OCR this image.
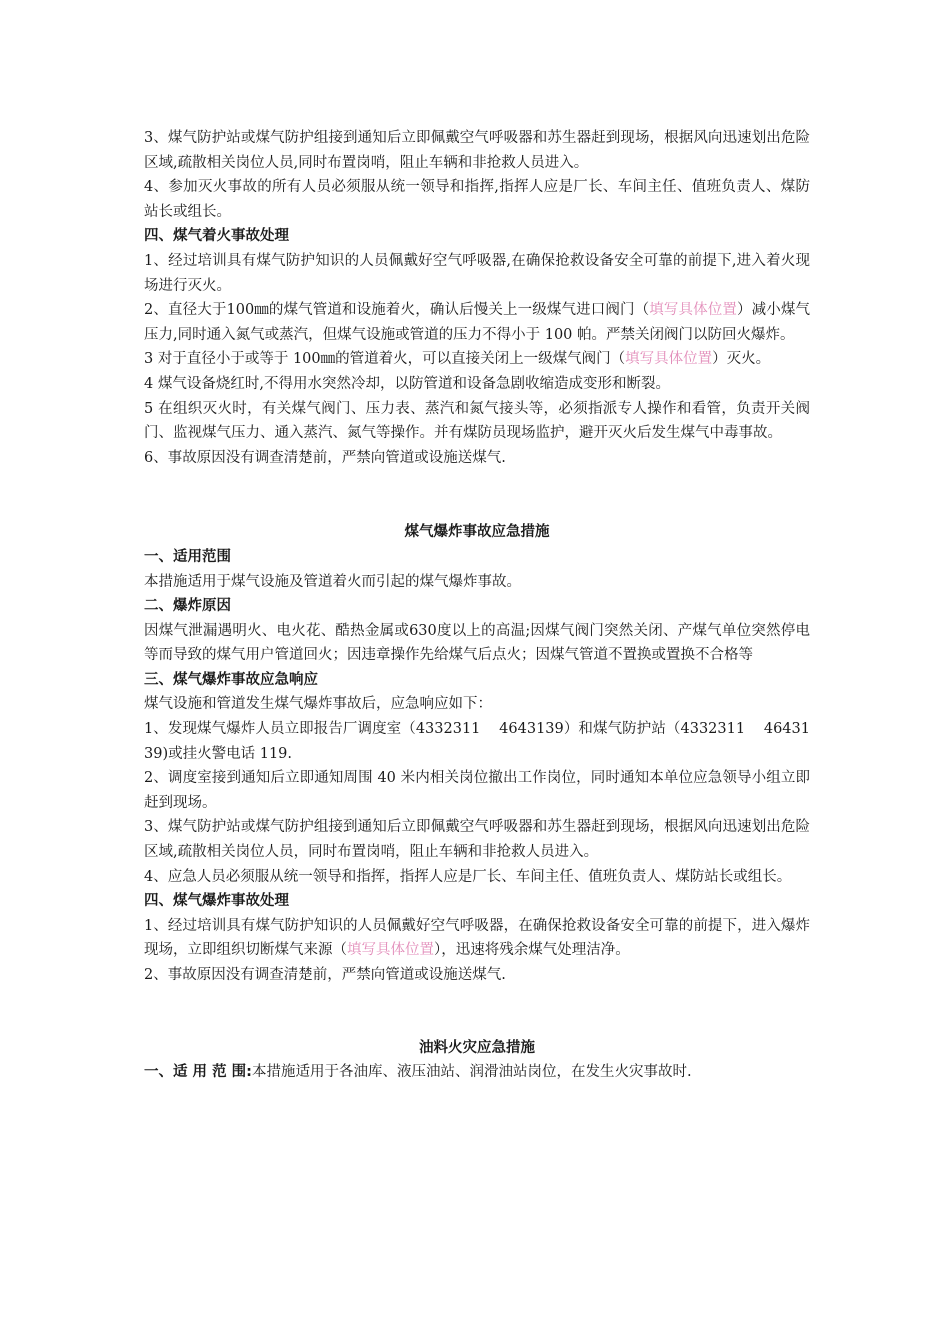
3、煤气防护站或煤气防护组接到通知后立即佩戴空气呼吸器和苏生器赶到现场，根据风向迅速划出危险区域,疏散相关岗位人员,同时布置岗哨，阻止车辆和非抢救人员进入。

4、参加灭火事故的所有人员必须服从统一领导和指挥,指挥人应是厂长、车间主任、值班负责人、煤防站长或组长。

四、煤气着火事故处理

1、经过培训具有煤气防护知识的人员佩戴好空气呼吸器,在确保抢救设备安全可靠的前提下,进入着火现场进行灭火。

2、直径大于100㎜的煤气管道和设施着火，确认后慢关上一级煤气进口阀门（填写具体位置）减小煤气压力,同时通入氮气或蒸汽，但煤气设施或管道的压力不得小于 100 帕。严禁关闭阀门以防回火爆炸。

3 对于直径小于或等于 100㎜的管道着火，可以直接关闭上一级煤气阀门（填写具体位置）灭火。

4 煤气设备烧红时,不得用水突然冷却，以防管道和设备急剧收缩造成变形和断裂。

5 在组织灭火时，有关煤气阀门、压力表、蒸汽和氮气接头等，必须指派专人操作和看管，负责开关阀门、监视煤气压力、通入蒸汽、氮气等操作。并有煤防员现场监护，避开灭火后发生煤气中毒事故。

6、事故原因没有调查清楚前，严禁向管道或设施送煤气.

煤气爆炸事故应急措施

一、适用范围

本措施适用于煤气设施及管道着火而引起的煤气爆炸事故。

二、爆炸原因

因煤气泄漏遇明火、电火花、酷热金属或630度以上的高温;因煤气阀门突然关闭、产煤气单位突然停电等而导致的煤气用户管道回火；因违章操作先给煤气后点火；因煤气管道不置换或置换不合格等

三、煤气爆炸事故应急响应

煤气设施和管道发生煤气爆炸事故后，应急响应如下：

1、发现煤气爆炸人员立即报告厂调度室（4332311    4643139）和煤气防护站（4332311    4643139)或挂火警电话 119.

2、调度室接到通知后立即通知周围 40 米内相关岗位撤出工作岗位，同时通知本单位应急领导小组立即赶到现场。

3、煤气防护站或煤气防护组接到通知后立即佩戴空气呼吸器和苏生器赶到现场，根据风向迅速划出危险区域,疏散相关岗位人员，同时布置岗哨，阻止车辆和非抢救人员进入。

4、应急人员必须服从统一领导和指挥，指挥人应是厂长、车间主任、值班负责人、煤防站长或组长。

四、煤气爆炸事故处理

1、经过培训具有煤气防护知识的人员佩戴好空气呼吸器，在确保抢救设备安全可靠的前提下，进入爆炸现场，立即组织切断煤气来源（填写具体位置），迅速将残余煤气处理洁净。

2、事故原因没有调查清楚前，严禁向管道或设施送煤气.

油料火灾应急措施

一、适 用 范 围:本措施适用于各油库、液压油站、润滑油站岗位，在发生火灾事故时.
